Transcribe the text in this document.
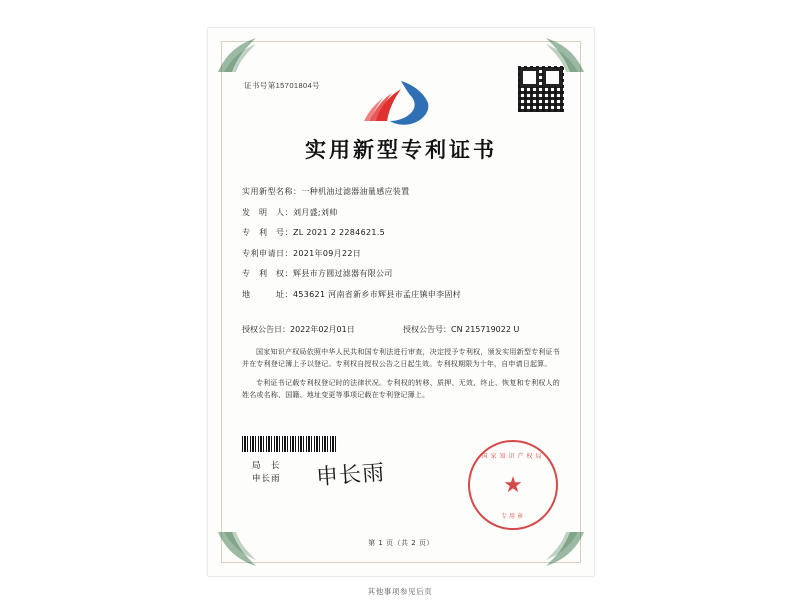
证书号第15701804号
实用新型专利证书
实用新型名称： 一种机油过滤器油量感应装置
发　明　人： 刘月盛;刘帅
专　利　号： ZL 2021 2 2284621.5
专利申请日： 2021年09月22日
专　利　权： 辉县市方圆过滤器有限公司
地　　　址： 453621 河南省新乡市辉县市孟庄镇申李固村
授权公告日：2022年02月01日	授权公告号：CN 215719022 U

国家知识产权局依照中华人民共和国专利法进行审查，决定授予专利权，颁发实用新型专利证书并在专利登记簿上予以登记。专利权自授权公告之日起生效。专利权期限为十年，自申请日起算。

专利证书记载专利权登记时的法律状况。专利权的转移、质押、无效、终止、恢复和专利权人的姓名或名称、国籍、地址变更等事项记载在专利登记簿上。

局　长
申长雨 申长雨
国家知识产权局
★
专用章
第 1 页（共 2 页）
其他事项参见后页
